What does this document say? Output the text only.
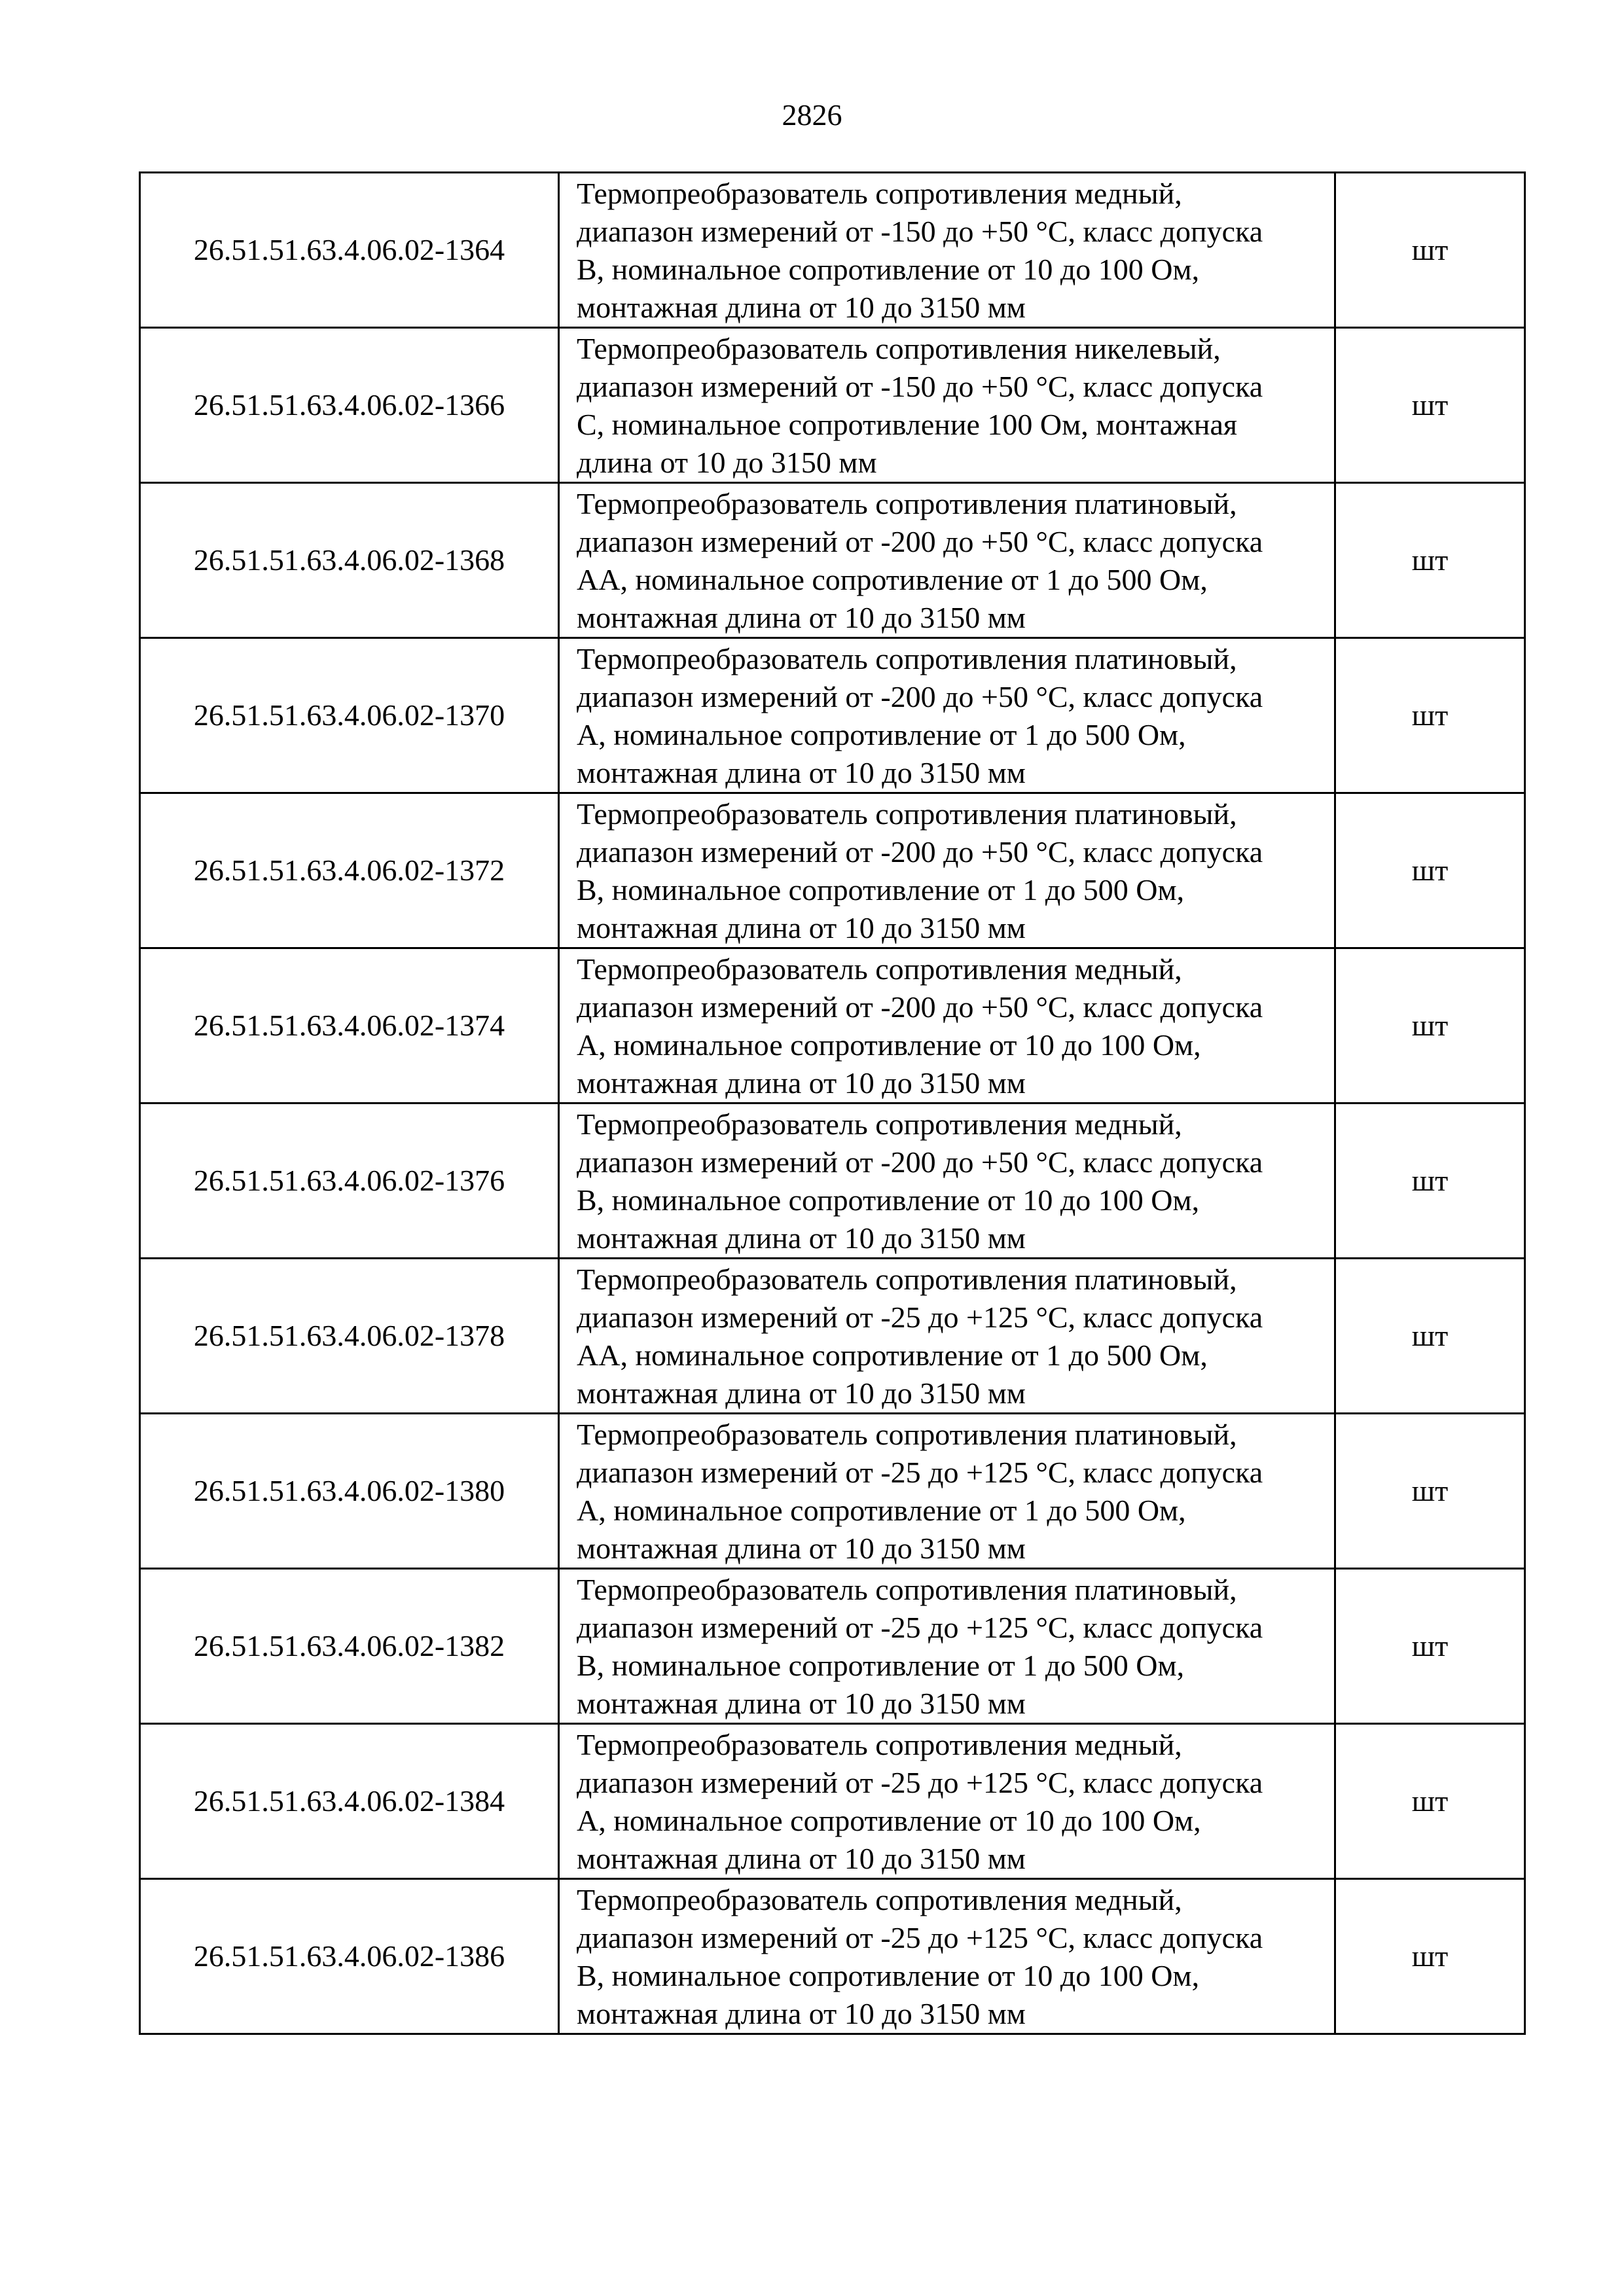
2826
26.51.51.63.4.06.02-1364	Термопреобразователь сопротивления медный,
диапазон измерений от -150 до +50 °С, класс допуска
В, номинальное сопротивление от 10 до 100 Ом,
монтажная длина от 10 до 3150 мм	шт
26.51.51.63.4.06.02-1366	Термопреобразователь сопротивления никелевый,
диапазон измерений от -150 до +50 °С, класс допуска
С, номинальное сопротивление 100 Ом, монтажная
длина от 10 до 3150 мм	шт
26.51.51.63.4.06.02-1368	Термопреобразователь сопротивления платиновый,
диапазон измерений от -200 до +50 °С, класс допуска
АА, номинальное сопротивление от 1 до 500 Ом,
монтажная длина от 10 до 3150 мм	шт
26.51.51.63.4.06.02-1370	Термопреобразователь сопротивления платиновый,
диапазон измерений от -200 до +50 °С, класс допуска
А, номинальное сопротивление от 1 до 500 Ом,
монтажная длина от 10 до 3150 мм	шт
26.51.51.63.4.06.02-1372	Термопреобразователь сопротивления платиновый,
диапазон измерений от -200 до +50 °С, класс допуска
В, номинальное сопротивление от 1 до 500 Ом,
монтажная длина от 10 до 3150 мм	шт
26.51.51.63.4.06.02-1374	Термопреобразователь сопротивления медный,
диапазон измерений от -200 до +50 °С, класс допуска
А, номинальное сопротивление от 10 до 100 Ом,
монтажная длина от 10 до 3150 мм	шт
26.51.51.63.4.06.02-1376	Термопреобразователь сопротивления медный,
диапазон измерений от -200 до +50 °С, класс допуска
В, номинальное сопротивление от 10 до 100 Ом,
монтажная длина от 10 до 3150 мм	шт
26.51.51.63.4.06.02-1378	Термопреобразователь сопротивления платиновый,
диапазон измерений от -25 до +125 °С, класс допуска
АА, номинальное сопротивление от 1 до 500 Ом,
монтажная длина от 10 до 3150 мм	шт
26.51.51.63.4.06.02-1380	Термопреобразователь сопротивления платиновый,
диапазон измерений от -25 до +125 °С, класс допуска
А, номинальное сопротивление от 1 до 500 Ом,
монтажная длина от 10 до 3150 мм	шт
26.51.51.63.4.06.02-1382	Термопреобразователь сопротивления платиновый,
диапазон измерений от -25 до +125 °С, класс допуска
В, номинальное сопротивление от 1 до 500 Ом,
монтажная длина от 10 до 3150 мм	шт
26.51.51.63.4.06.02-1384	Термопреобразователь сопротивления медный,
диапазон измерений от -25 до +125 °С, класс допуска
А, номинальное сопротивление от 10 до 100 Ом,
монтажная длина от 10 до 3150 мм	шт
26.51.51.63.4.06.02-1386	Термопреобразователь сопротивления медный,
диапазон измерений от -25 до +125 °С, класс допуска
В, номинальное сопротивление от 10 до 100 Ом,
монтажная длина от 10 до 3150 мм	шт
